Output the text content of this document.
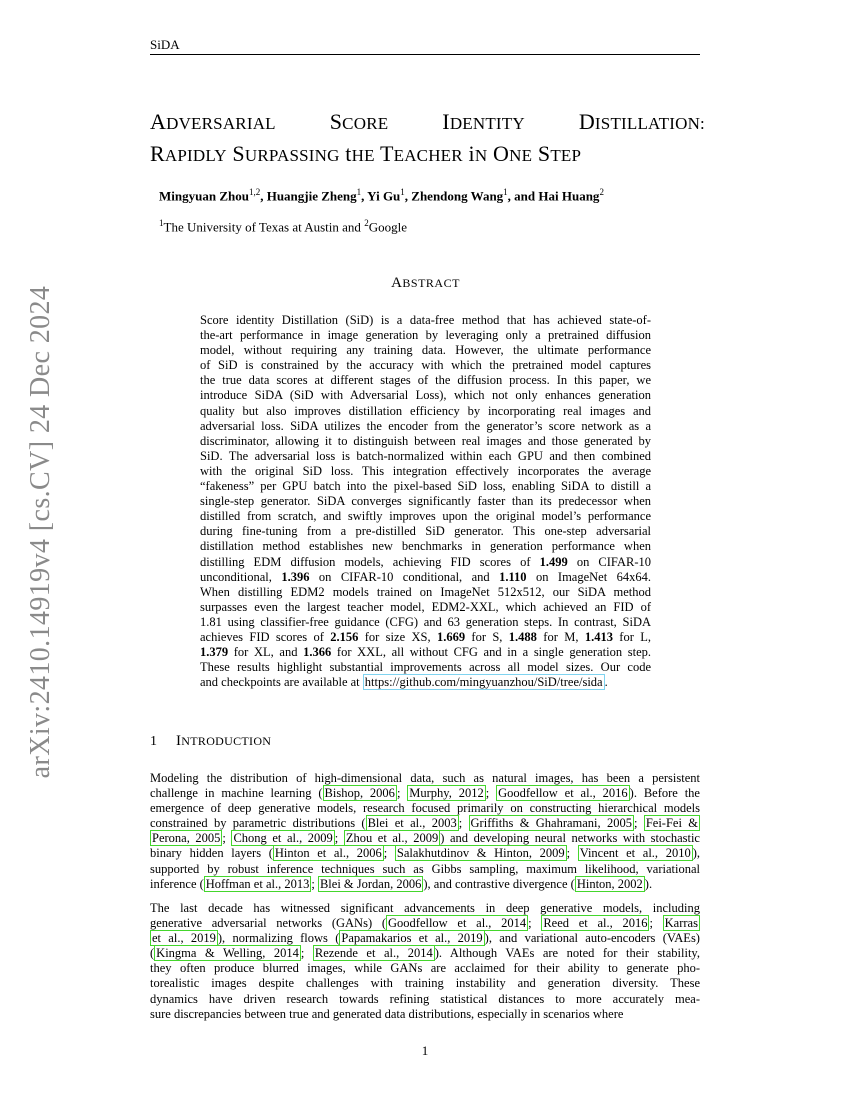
SiDA
ADVERSARIAL SCORE IDENTITY DISTILLATION:
RAPIDLY SURPASSING tHE TEACHER iN ONE STEP
Mingyuan Zhou$^{1,2}$, Huangjie Zheng$^1$, Yi Gu$^1$, Zhendong Wang$^1$, and Hai Huang$^2$
$^1$The University of Texas at Austin and $^2$Google
ABSTRACT
Score identity Distillation (SiD) is a data-free method that has achieved state-of-
the-art performance in image generation by leveraging only a pretrained diffusion
model, without requiring any training data. However, the ultimate performance
of SiD is constrained by the accuracy with which the pretrained model captures
the true data scores at different stages of the diffusion process. In this paper, we
introduce SiDA (SiD with Adversarial Loss), which not only enhances generation
quality but also improves distillation efficiency by incorporating real images and
adversarial loss. SiDA utilizes the encoder from the generator’s score network as a
discriminator, allowing it to distinguish between real images and those generated by
SiD. The adversarial loss is batch-normalized within each GPU and then combined
with the original SiD loss. This integration effectively incorporates the average
“fakeness” per GPU batch into the pixel-based SiD loss, enabling SiDA to distill a
single-step generator. SiDA converges significantly faster than its predecessor when
distilled from scratch, and swiftly improves upon the original model’s performance
during fine-tuning from a pre-distilled SiD generator. This one-step adversarial
distillation method establishes new benchmarks in generation performance when
distilling EDM diffusion models, achieving FID scores of 1.499 on CIFAR-10
unconditional, 1.396 on CIFAR-10 conditional, and 1.110 on ImageNet 64x64.
When distilling EDM2 models trained on ImageNet 512x512, our SiDA method
surpasses even the largest teacher model, EDM2-XXL, which achieved an FID of
1.81 using classifier-free guidance (CFG) and 63 generation steps. In contrast, SiDA
achieves FID scores of 2.156 for size XS, 1.669 for S, 1.488 for M, 1.413 for L,
1.379 for XL, and 1.366 for XXL, all without CFG and in a single generation step.
These results highlight substantial improvements across all model sizes. Our code
and checkpoints are available at https://github.com/mingyuanzhou/SiD/tree/sida .
1 INTRODUCTION
Modeling the distribution of high-dimensional data, such as natural images, has been a persistent
challenge in machine learning ( Bishop, 2006 ; Murphy, 2012 ; Goodfellow et al., 2016 ). Before the
emergence of deep generative models, research focused primarily on constructing hierarchical models
constrained by parametric distributions ( Blei et al., 2003 ; Griffiths & Ghahramani, 2005 ; Fei-Fei &
Perona, 2005 ; Chong et al., 2009 ; Zhou et al., 2009 ) and developing neural networks with stochastic
binary hidden layers ( Hinton et al., 2006 ; Salakhutdinov & Hinton, 2009 ; Vincent et al., 2010 ),
supported by robust inference techniques such as Gibbs sampling, maximum likelihood, variational
inference ( Hoffman et al., 2013 ; Blei & Jordan, 2006 ), and contrastive divergence ( Hinton, 2002 ).
The last decade has witnessed significant advancements in deep generative models, including
generative adversarial networks (GANs) ( Goodfellow et al., 2014 ; Reed et al., 2016 ; Karras
et al., 2019 ), normalizing flows ( Papamakarios et al., 2019 ), and variational auto-encoders (VAEs)
( Kingma & Welling, 2014 ; Rezende et al., 2014 ). Although VAEs are noted for their stability,
they often produce blurred images, while GANs are acclaimed for their ability to generate pho-
torealistic images despite challenges with training instability and generation diversity. These
dynamics have driven research towards refining statistical distances to more accurately mea-
sure discrepancies between true and generated data distributions, especially in scenarios where
1
arXiv:2410.14919v4 [cs.CV] 24 Dec 2024
